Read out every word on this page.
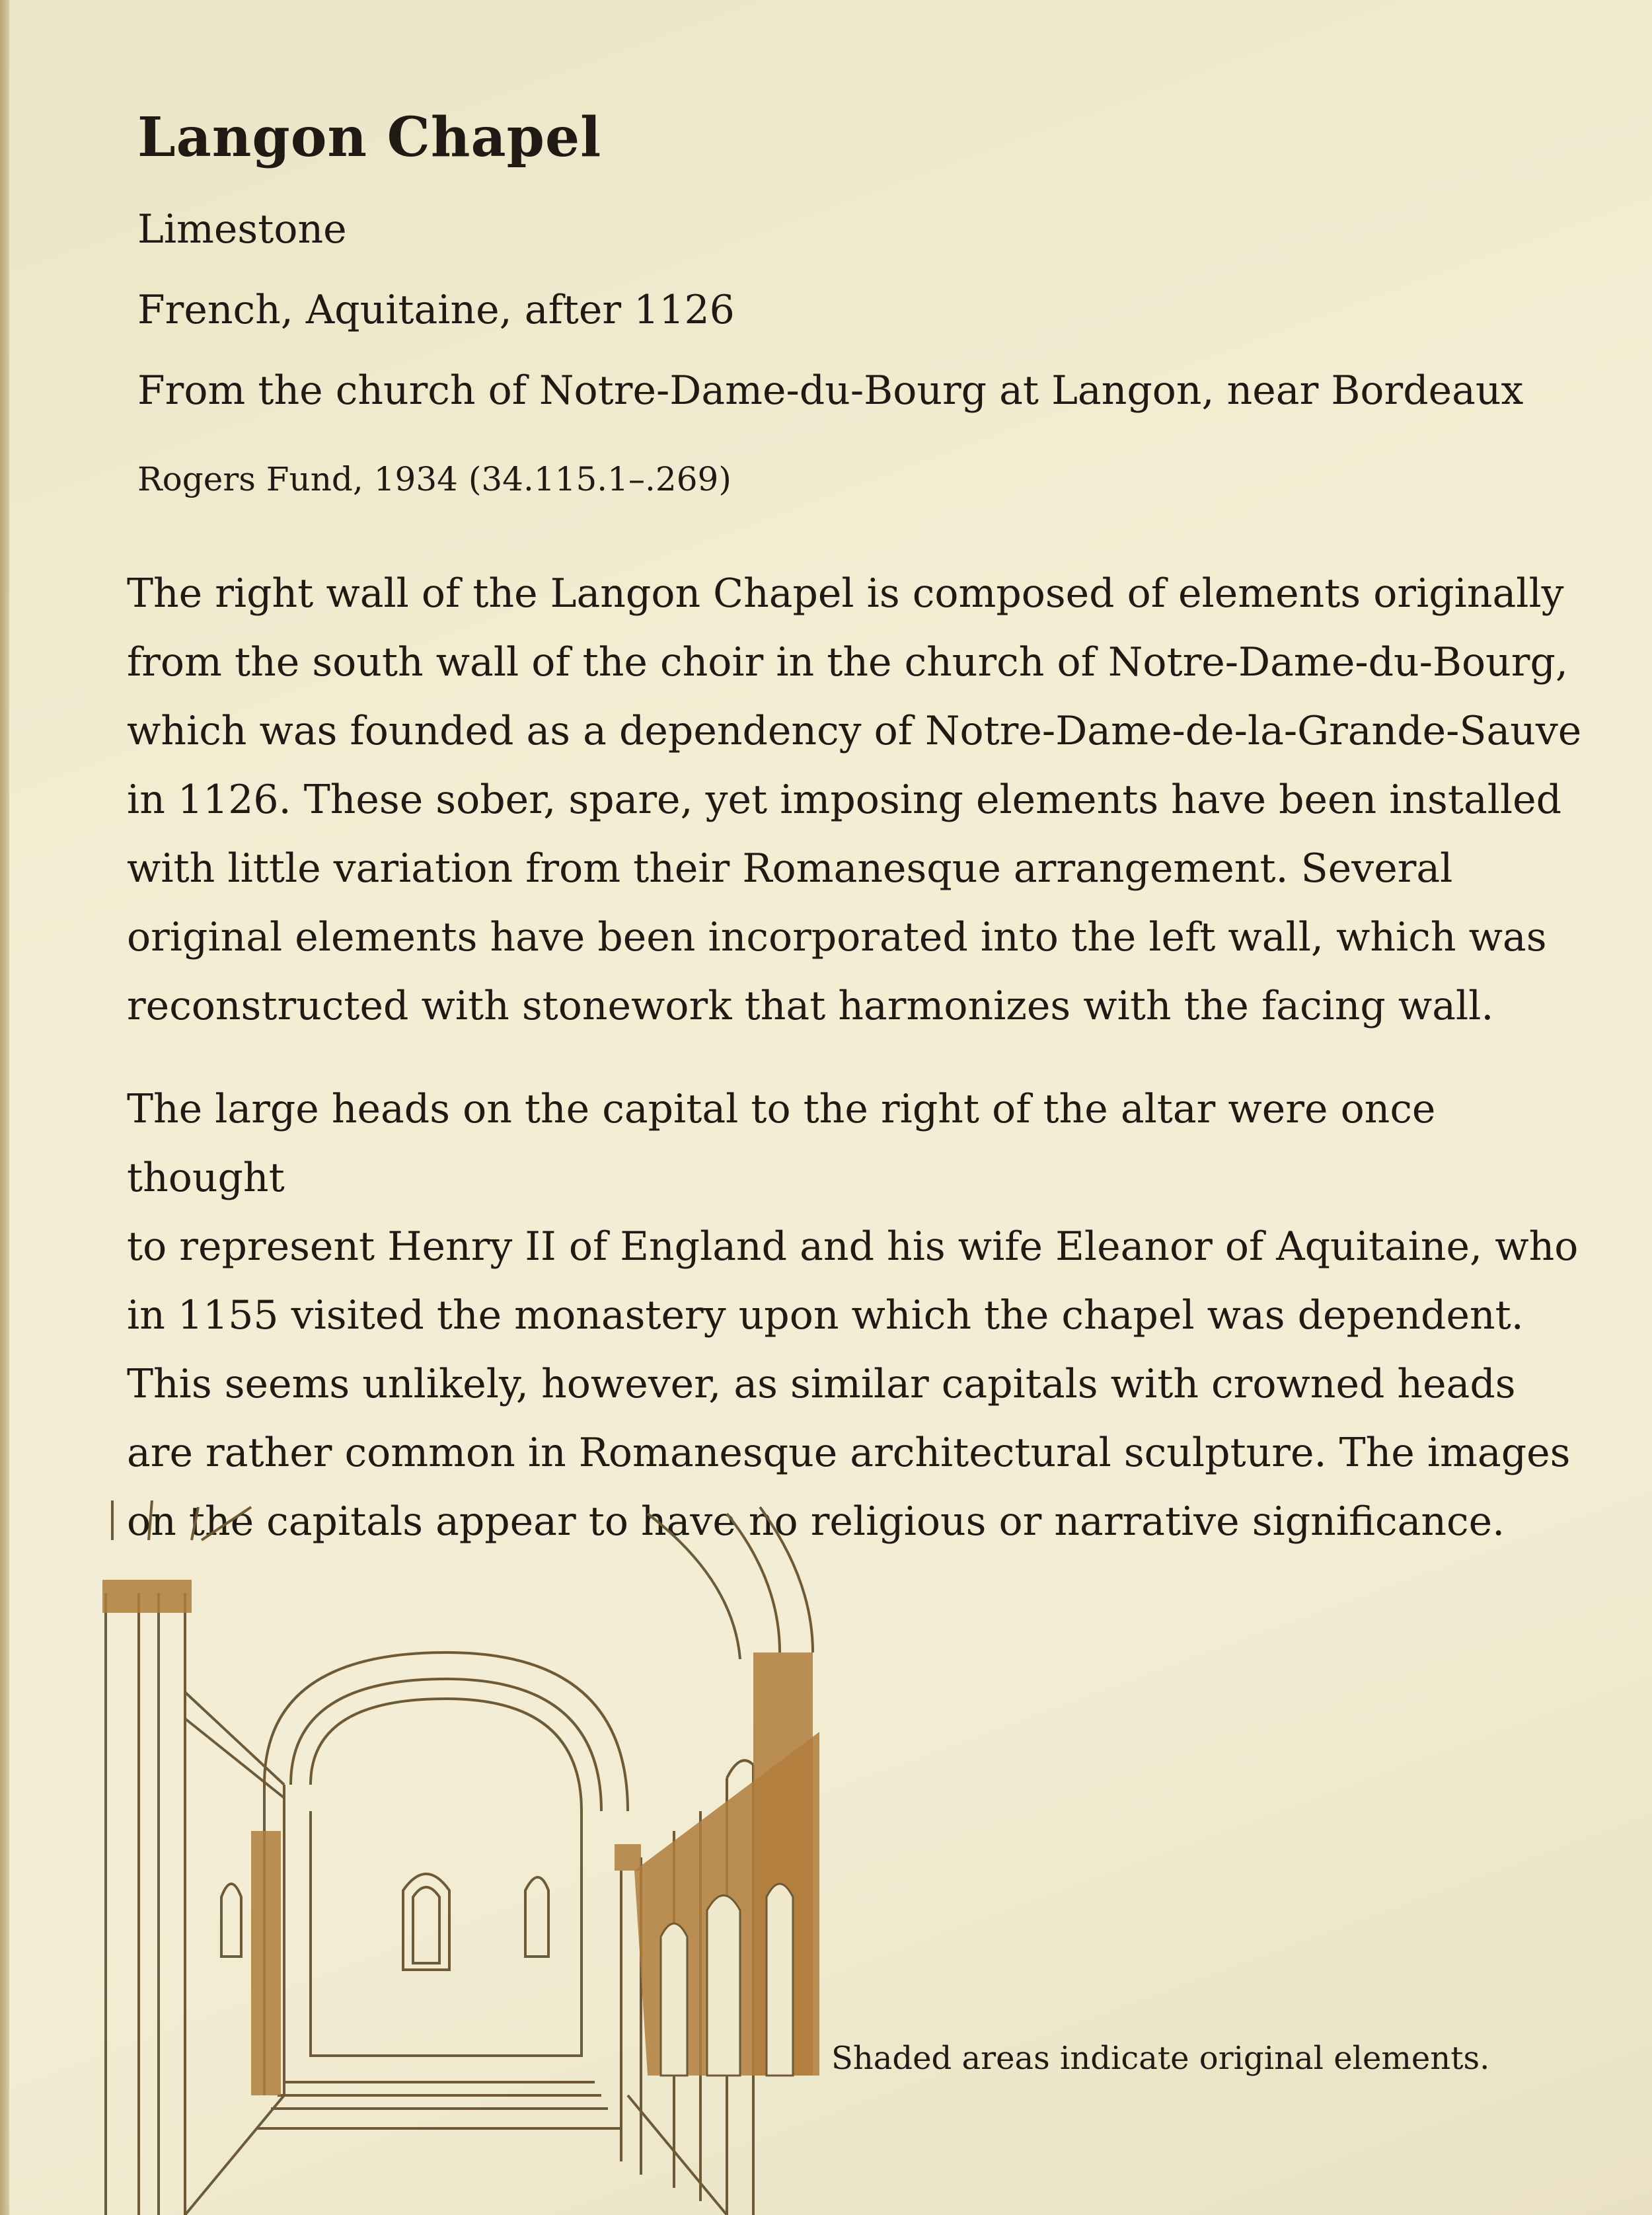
Langon Chapel

Limestone

French, Aquitaine, after 1126

From the church of Notre-Dame-du-Bourg at Langon, near Bordeaux

Rogers Fund, 1934 (34.115.1–.269)

The right wall of the Langon Chapel is composed of elements originally
from the south wall of the choir in the church of Notre-Dame-du-Bourg,
which was founded as a dependency of Notre-Dame-de-la-Grande-Sauve
in 1126. These sober, spare, yet imposing elements have been installed
with little variation from their Romanesque arrangement. Several
original elements have been incorporated into the left wall, which was
reconstructed with stonework that harmonizes with the facing wall.

The large heads on the capital to the right of the altar were once thought
to represent Henry II of England and his wife Eleanor of Aquitaine, who
in 1155 visited the monastery upon which the chapel was dependent.
This seems unlikely, however, as similar capitals with crowned heads
are rather common in Romanesque architectural sculpture. The images
on the capitals appear to have no religious or narrative significance.

Shaded areas indicate original elements.
